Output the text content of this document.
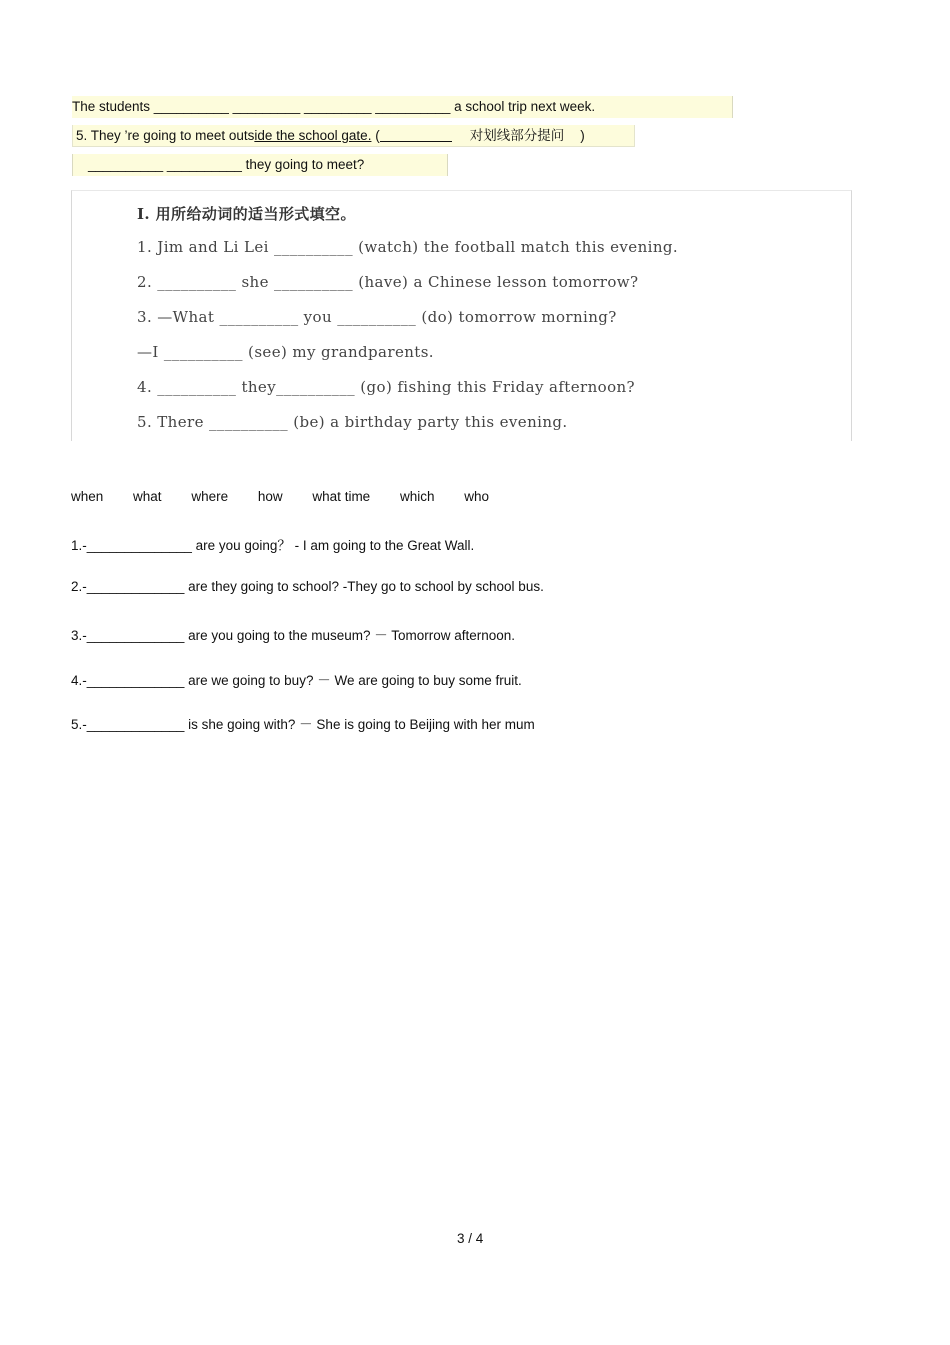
The students __________ _________ _________ __________ a school trip next week.
5. They ’re going to meet outside the school gate. (	对划线部分提问 )
__________ __________ they going to meet?
I. 用所给动词的适当形式填空。
1. Jim and Li Lei __________ (watch) the football match this evening.
2. __________ she __________ (have) a Chinese lesson tomorrow?
3. —What __________ you __________ (do) tomorrow morning?
—I __________ (see) my grandparents.
4. __________ they__________ (go) fishing this Friday afternoon?
5. There __________ (be) a birthday party this evening.
when what where how what time which who
1.-______________ are you going？ - I am going to the Great Wall.
2.-_____________ are they going to school? -They go to school by school bus.
3.-_____________ are you going to the museum? － Tomorrow afternoon.
4.-_____________ are we going to buy? － We are going to buy some fruit.
5.-_____________ is she going with? － She is going to Beijing with her mum
3 / 4
